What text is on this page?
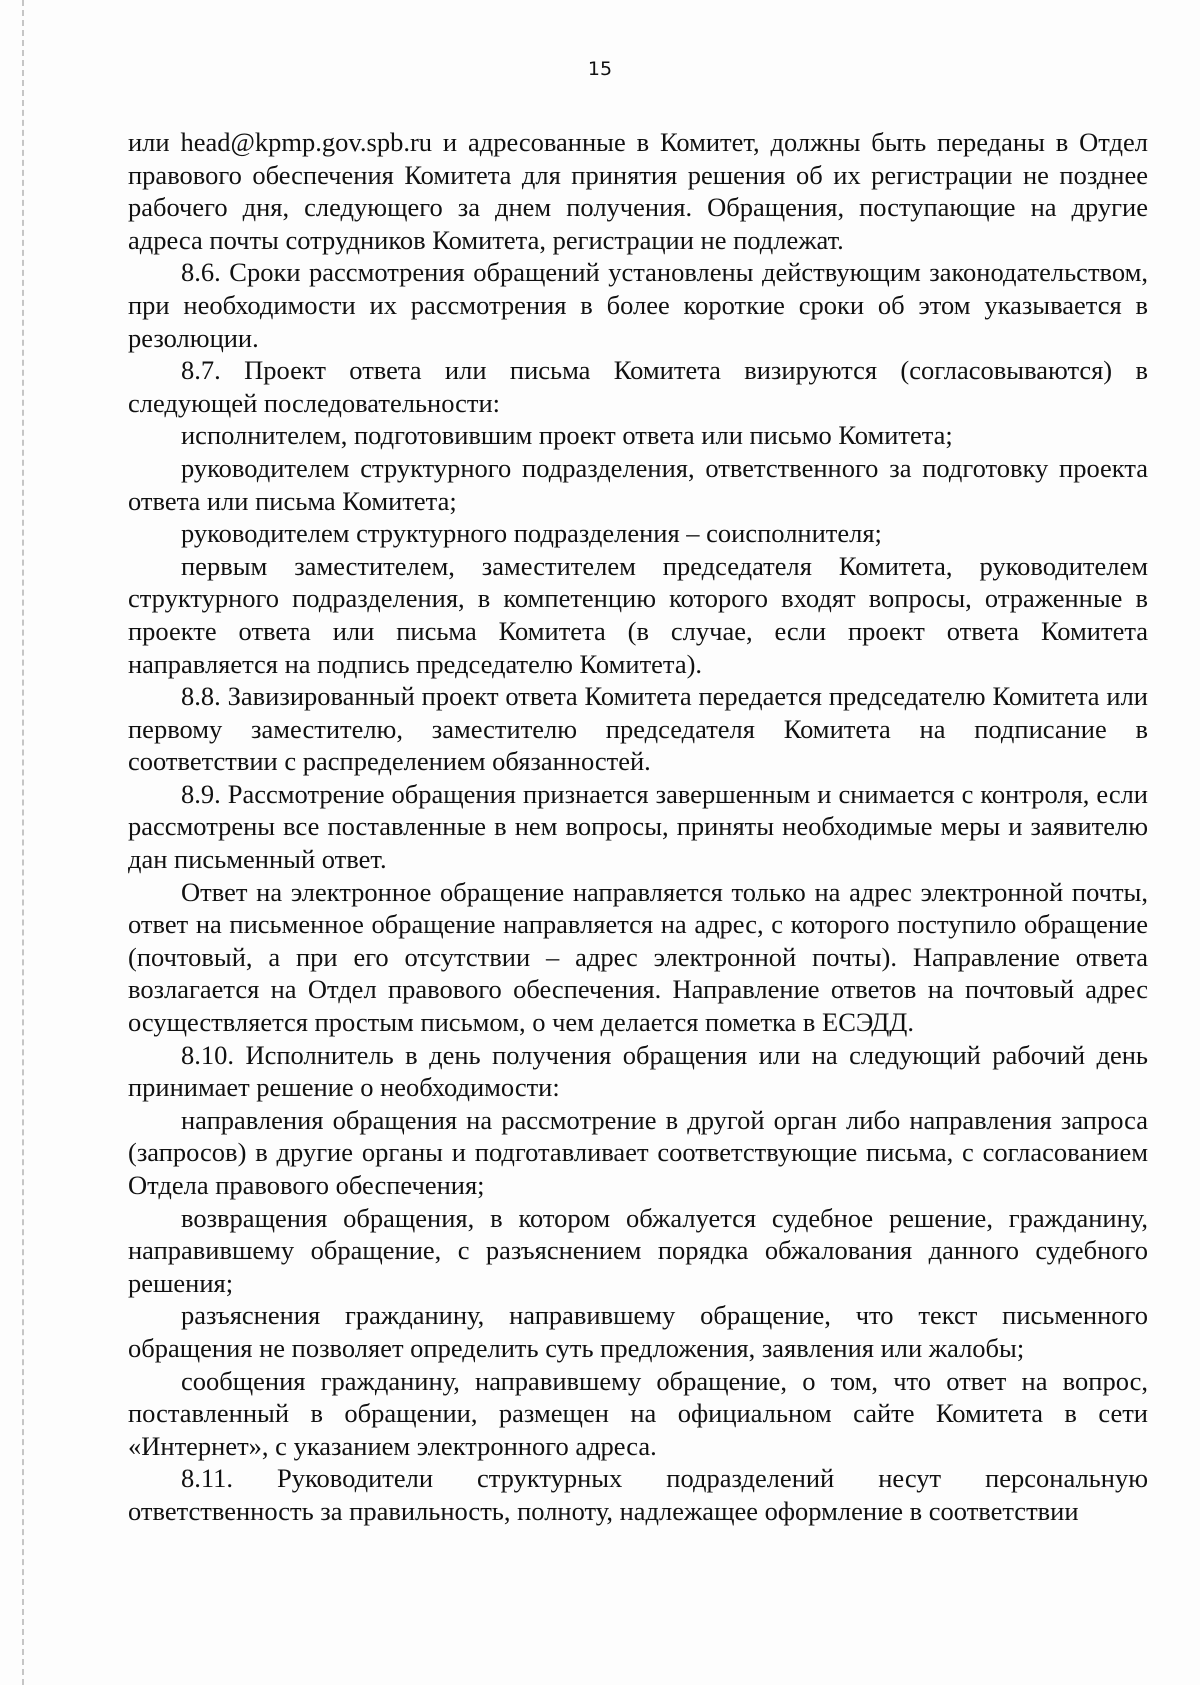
15

или head@kpmp.gov.spb.ru и адресованные в Комитет, должны быть переданы в Отдел правового обеспечения Комитета для принятия решения об их регистрации не позднее рабочего дня, следующего за днем получения. Обращения, поступающие на другие адреса почты сотрудников Комитета, регистрации не подлежат.

8.6. Сроки рассмотрения обращений установлены действующим законодательством, при необходимости их рассмотрения в более короткие сроки об этом указывается в резолюции.

8.7. Проект ответа или письма Комитета визируются (согласовываются) в следующей последовательности:

исполнителем, подготовившим проект ответа или письмо Комитета;

руководителем структурного подразделения, ответственного за подготовку проекта ответа или письма Комитета;

руководителем структурного подразделения – соисполнителя;

первым заместителем, заместителем председателя Комитета, руководителем структурного подразделения, в компетенцию которого входят вопросы, отраженные в проекте ответа или письма Комитета (в случае, если проект ответа Комитета направляется на подпись председателю Комитета).

8.8. Завизированный проект ответа Комитета передается председателю Комитета или первому заместителю, заместителю председателя Комитета на подписание в соответствии с распределением обязанностей.

8.9. Рассмотрение обращения признается завершенным и снимается с контроля, если рассмотрены все поставленные в нем вопросы, приняты необходимые меры и заявителю дан письменный ответ.

Ответ на электронное обращение направляется только на адрес электронной почты, ответ на письменное обращение направляется на адрес, с которого поступило обращение (почтовый, а при его отсутствии – адрес электронной почты). Направление ответа возлагается на Отдел правового обеспечения. Направление ответов на почтовый адрес осуществляется простым письмом, о чем делается пометка в ЕСЭДД.

8.10. Исполнитель в день получения обращения или на следующий рабочий день принимает решение о необходимости:

направления обращения на рассмотрение в другой орган либо направления запроса (запросов) в другие органы и подготавливает соответствующие письма, с согласованием Отдела правового обеспечения;

возвращения обращения, в котором обжалуется судебное решение, гражданину, направившему обращение, с разъяснением порядка обжалования данного судебного решения;

разъяснения гражданину, направившему обращение, что текст письменного обращения не позволяет определить суть предложения, заявления или жалобы;

сообщения гражданину, направившему обращение, о том, что ответ на вопрос, поставленный в обращении, размещен на официальном сайте Комитета в сети «Интернет», с указанием электронного адреса.

8.11. Руководители структурных подразделений несут персональную ответственность за правильность, полноту, надлежащее оформление в соответствии
